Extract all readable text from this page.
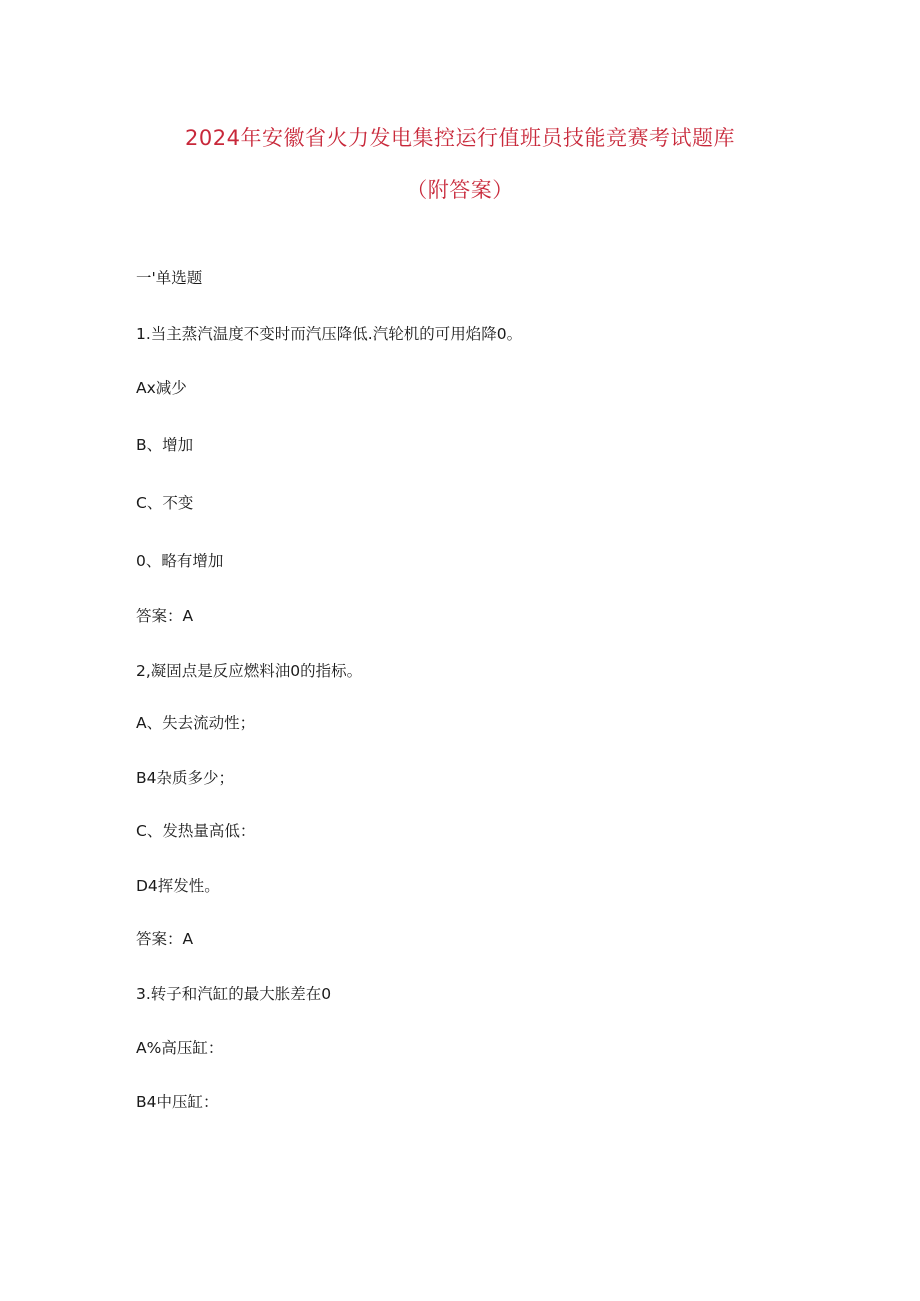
2024年安徽省火力发电集控运行值班员技能竞赛考试题库
（附答案）
一'单选题
1.当主蒸汽温度不变时而汽压降低.汽轮机的可用焰降0。
Ax减少
B、增加
C、不变
0、略有增加
答案：A
2,凝固点是反应燃料油0的指标。
A、失去流动性；
B4杂质多少；
C、发热量高低：
D4挥发性。
答案：A
3.转子和汽缸的最大胀差在0
A%高压缸：
B4中压缸：
